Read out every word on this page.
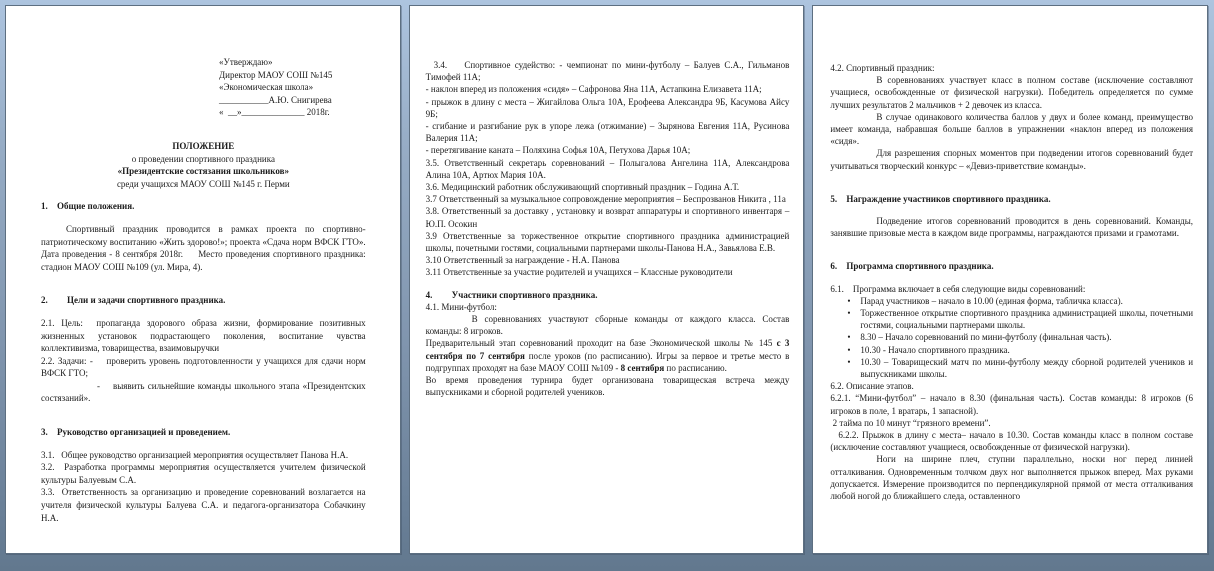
«Утверждаю»

Директор МАОУ СОШ №145

«Экономическая школа»

___________А.Ю. Снигирева

«  __»______________ 2018г.

ПОЛОЖЕНИЕ

о проведении спортивного праздника

«Президентские состязания школьников»

среди учащихся МАОУ СОШ №145 г. Перми

1.	Общие положения.

Спортивный праздник проводится в рамках проекта по спортивно-патриотическому воспитанию «Жить здорово!»; проекта «Сдача норм ВФСК ГТО». Дата проведения - 8 сентября 2018г.     Место проведения спортивного праздника: стадион МАОУ СОШ №109 (ул. Мира, 4).

2.	Цели и задачи спортивного праздника.

2.1. Цель:  пропаганда здорового образа жизни, формирование позитивных жизненных установок подрастающего поколения, воспитание чувства коллективизма, товарищества, взаимовыручки

2.2. Задачи: -    проверить уровень подготовленности у учащихся для сдачи норм ВФСК ГТО;

-    выявить сильнейшие команды школьного этапа «Президентских состязаний».

3.	Руководство организацией и проведением.

3.1.   Общее руководство организацией мероприятия осуществляет Панова Н.А.

3.2.  Разработка программы мероприятия осуществляется учителем физической культуры Балуевым С.А.

3.3.  Ответственность за организацию и проведение соревнований возлагается на учителя физической культуры Балуева С.А. и педагога-организатора Собачкину Н.А.

3.4.    Спортивное судейство: - чемпионат по мини-футболу – Балуев С.А., Гильманов Тимофей 11А;

- наклон вперед из положения «сидя» – Сафронова Яна 11А, Астапкина Елизавета 11А;

- прыжок в длину с места – Жигайлова Ольга 10А, Ерофеева Александра 9Б, Касумова Айсу 9Б;

- сгибание и разгибание рук в упоре лежа (отжимание) – Зырянова Евгения 11А, Русинова Валерия 11А;

- перетягивание каната – Поляхина Софья 10А, Петухова Дарья 10А;

3.5. Ответственный секретарь соревнований – Полыгалова Ангелина 11А, Александрова Алина 10А, Артюх Мария 10А.

3.6. Медицинский работник обслуживающий спортивный праздник – Година А.Т.

3.7 Ответственный за музыкальное сопровождение мероприятия – Беспрозванов Никита , 11а

3.8. Ответственный за доставку , установку и возврат аппаратуры и спортивного инвентаря – Ю.П. Осокин

3.9 Ответственные за торжественное открытие спортивного праздника администрацией школы, почетными гостями, социальными партнерами школы-Панова Н.А., Завьялова Е.В.

3.10 Ответственный за награждение - Н.А. Панова

3.11 Ответственные за участие родителей и учащихся – Классные руководители

4.	Участники спортивного праздника.

4.1. Мини-футбол:

В соревнованиях участвуют сборные команды от каждого класса. Состав команды: 8 игроков.

Предварительный этап соревнований проходит на базе Экономической школы № 145 с 3 сентября по 7 сентября после уроков (по расписанию). Игры за первое и третье место в подгруппах проходят на базе МАОУ СОШ №109 - 8 сентября по расписанию.

Во время проведения турнира будет организована товарищеская встреча между выпускниками и сборной родителей учеников.

4.2. Спортивный праздник:

В соревнованиях участвует класс в полном составе (исключение составляют учащиеся, освобожденные от физической нагрузки). Победитель определяется по сумме лучших результатов 2 мальчиков + 2 девочек из класса.

В случае одинакового количества баллов у двух и более команд, преимущество имеет команда, набравшая больше баллов в упражнении «наклон вперед из положения «сидя».

Для разрешения спорных моментов при подведении итогов соревнований будет учитываться творческий конкурс – «Девиз-приветствие команды».

5.	Награждение участников спортивного праздника.

Подведение итогов соревнований проводится в день соревнований. Команды, занявшие призовые места в каждом виде программы, награждаются призами и грамотами.

6.	Программа спортивного праздника.

6.1.    Программа включает в себя следующие виды соревнований:

•	Парад участников – начало в 10.00 (единая форма, табличка класса).

•	Торжественное открытие спортивного праздника администрацией школы, почетными гостями, социальными партнерами школы.

•	8.30 – Начало соревнований по мини-футболу (финальная часть).

•	10.30 - Начало спортивного праздника.

•	10.30 – Товарищеский матч по мини-футболу между сборной родителей учеников и выпускниками школы.

6.2. Описание этапов.

6.2.1. “Мини-футбол” – начало в 8.30 (финальная часть). Состав команды: 8 игроков (6 игроков в поле, 1 вратарь, 1 запасной).

2 тайма по 10 минут “грязного времени”.

6.2.2. Прыжок в длину с места– начало в 10.30. Состав команды класс в полном составе (исключение составляют учащиеся, освобожденные от физической нагрузки).

Ноги на ширине плеч, ступни параллельно, носки ног перед линией отталкивания. Одновременным толчком двух ног выполняется прыжок вперед. Мах руками допускается. Измерение производится по перпендикулярной прямой от места отталкивания любой ногой до ближайшего следа, оставленного
